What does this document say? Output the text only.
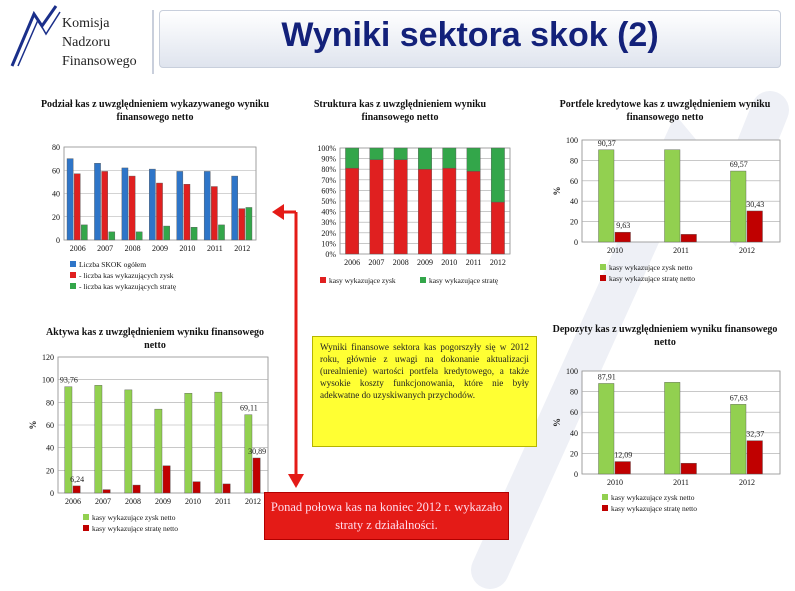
Komisja
Nadzoru
Finansowego
Wyniki sektora skok (2)
Podział kas z uwzględnieniem wykazywanego wyniku finansowego netto
Struktura kas z uwzględnieniem wyniku finansowego netto
Portfele kredytowe kas z uwzględnieniem wyniku finansowego netto
Aktywa kas z uwzględnieniem wyniku finansowego netto
Depozyty kas z uwzględnieniem wyniku finansowego netto
0
20
40
60
80
2006 2007 2008 2009 2010 2011 2012
Liczba SKOK ogółem
- liczba kas wykazujących zysk
- liczba kas wykazujących stratę
0%
10%
20%
30%
40%
50%
60%
70%
80%
90%
100%
2006 2007 2008 2009 2010 2011 2012
kasy wykazujące zysk	kasy wykazujące stratę
0
20
40
60
80
100
2010	2011	2012
%
90,37
69,57
9,63
30,43
kasy wykazujące zysk netto
kasy wykazujące stratę netto
0
20
40
60
80
100
120
2006 2007 2008 2009 2010 2011 2012
%
93,76
69,11
6,24
30,89
kasy wykazujące zysk netto
kasy wykazujące stratę netto
0
20
40
60
80
100
2010	2011	2012
%
87,91
67,63
12,09
32,37
kasy wykazujące zysk netto
kasy wykazujące stratę netto
Wyniki finansowe sektora kas pogorszyły się w 2012 roku, głównie z uwagi na dokonanie aktualizacji (urealnienie) wartości portfela kredytowego, a także wysokie koszty funkcjonowania, które nie były adekwatne do uzyskiwanych przychodów.
Ponad połowa kas na koniec 2012 r. wykazało straty z działalności.
